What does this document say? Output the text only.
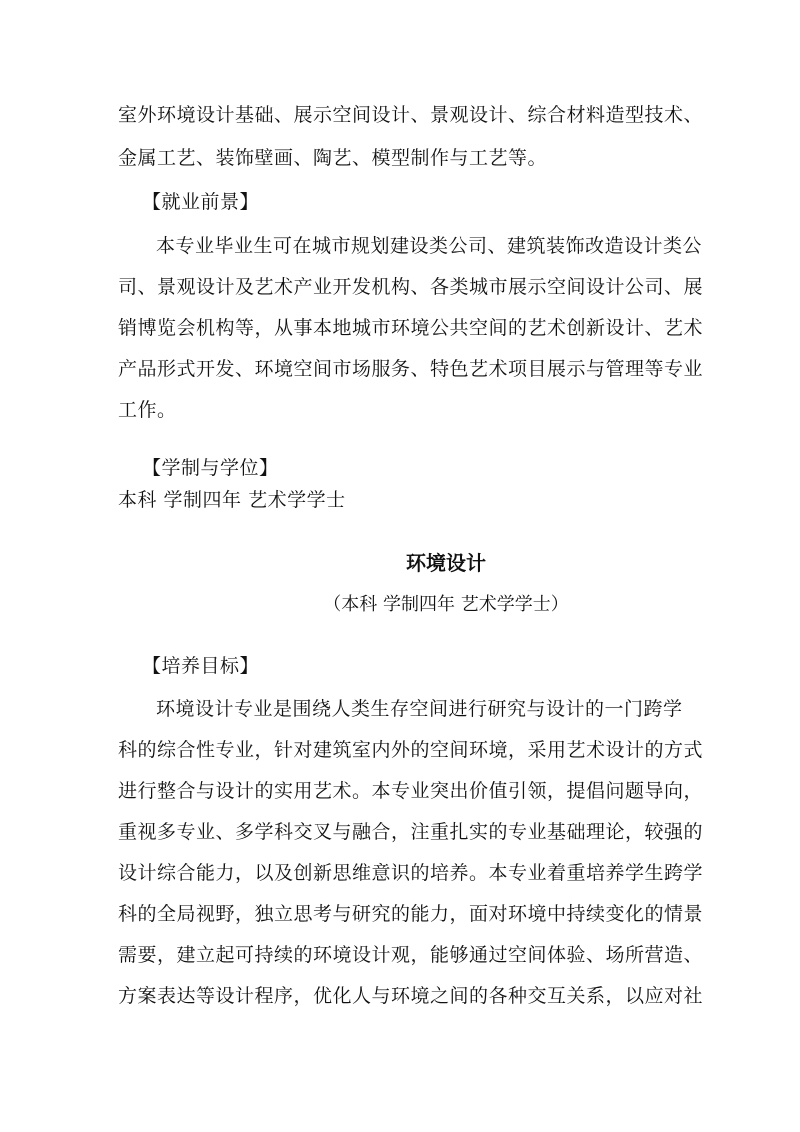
室外环境设计基础、展示空间设计、景观设计、综合材料造型技术、
金属工艺、装饰壁画、陶艺、模型制作与工艺等。
【就业前景】
本专业毕业生可在城市规划建设类公司、建筑装饰改造设计类公
司、景观设计及艺术产业开发机构、各类城市展示空间设计公司、展
销博览会机构等，从事本地城市环境公共空间的艺术创新设计、艺术
产品形式开发、环境空间市场服务、特色艺术项目展示与管理等专业
工作。
【学制与学位】
本科 学制四年 艺术学学士
环境设计
（本科 学制四年 艺术学学士）
【培养目标】
环境设计专业是围绕人类生存空间进行研究与设计的一门跨学
科的综合性专业，针对建筑室内外的空间环境，采用艺术设计的方式
进行整合与设计的实用艺术。本专业突出价值引领，提倡问题导向，
重视多专业、多学科交叉与融合，注重扎实的专业基础理论，较强的
设计综合能力，以及创新思维意识的培养。本专业着重培养学生跨学
科的全局视野，独立思考与研究的能力，面对环境中持续变化的情景
需要，建立起可持续的环境设计观，能够通过空间体验、场所营造、
方案表达等设计程序，优化人与环境之间的各种交互关系，以应对社
